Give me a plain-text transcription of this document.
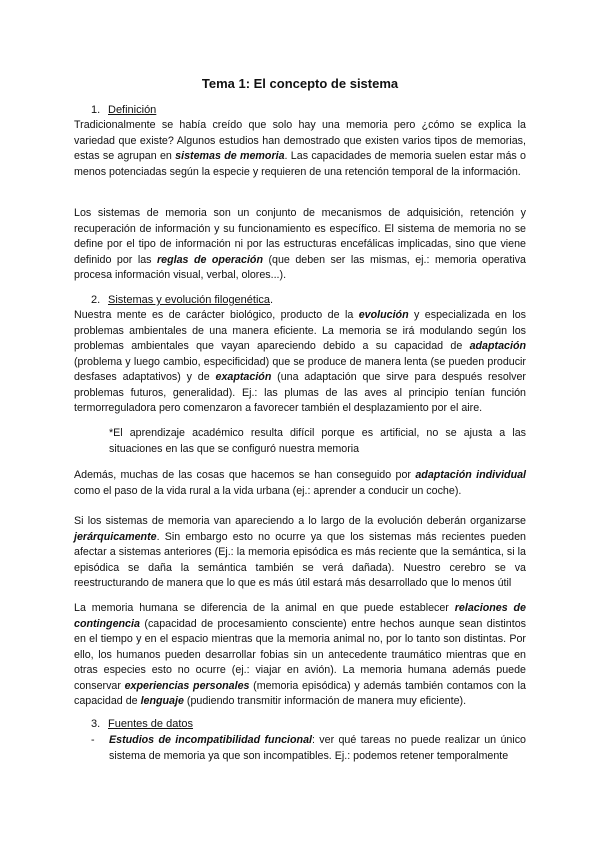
Tema 1: El concepto de sistema
1. Definición

Tradicionalmente se había creído que solo hay una memoria pero ¿cómo se explica la variedad que existe? Algunos estudios han demostrado que existen varios tipos de memorias, estas se agrupan en sistemas de memoria. Las capacidades de memoria suelen estar más o menos potenciadas según la especie y requieren de una retención temporal de la información.

Los sistemas de memoria son un conjunto de mecanismos de adquisición, retención y recuperación de información y su funcionamiento es específico. El sistema de memoria no se define por el tipo de información ni por las estructuras encefálicas implicadas, sino que viene definido por las reglas de operación (que deben ser las mismas, ej.: memoria operativa procesa información visual, verbal, olores...).

2. Sistemas y evolución filogenética.

Nuestra mente es de carácter biológico, producto de la evolución y especializada en los problemas ambientales de una manera eficiente. La memoria se irá modulando según los problemas ambientales que vayan apareciendo debido a su capacidad de adaptación (problema y luego cambio, especificidad) que se produce de manera lenta (se pueden producir desfases adaptativos) y de exaptación (una adaptación que sirve para después resolver problemas futuros, generalidad). Ej.: las plumas de las aves al principio tenían función termorreguladora pero comenzaron a favorecer también el desplazamiento por el aire.

*El aprendizaje académico resulta difícil porque es artificial, no se ajusta a las situaciones en las que se configuró nuestra memoria

Además, muchas de las cosas que hacemos se han conseguido por adaptación individual como el paso de la vida rural a la vida urbana (ej.: aprender a conducir un coche).

Si los sistemas de memoria van apareciendo a lo largo de la evolución deberán organizarse jerárquicamente. Sin embargo esto no ocurre ya que los sistemas más recientes pueden afectar a sistemas anteriores (Ej.: la memoria episódica es más reciente que la semántica, si la episódica se daña la semántica también se verá dañada). Nuestro cerebro se va reestructurando de manera que lo que es más útil estará más desarrollado que lo menos útil

La memoria humana se diferencia de la animal en que puede establecer relaciones de contingencia (capacidad de procesamiento consciente) entre hechos aunque sean distintos en el tiempo y en el espacio mientras que la memoria animal no, por lo tanto son distintas. Por ello, los humanos pueden desarrollar fobias sin un antecedente traumático mientras que en otras especies esto no ocurre (ej.: viajar en avión). La memoria humana además puede conservar experiencias personales (memoria episódica) y además también contamos con la capacidad de lenguaje (pudiendo transmitir información de manera muy eficiente).

3. Fuentes de datos
- Estudios de incompatibilidad funcional: ver qué tareas no puede realizar un único sistema de memoria ya que son incompatibles. Ej.: podemos retener temporalmente
